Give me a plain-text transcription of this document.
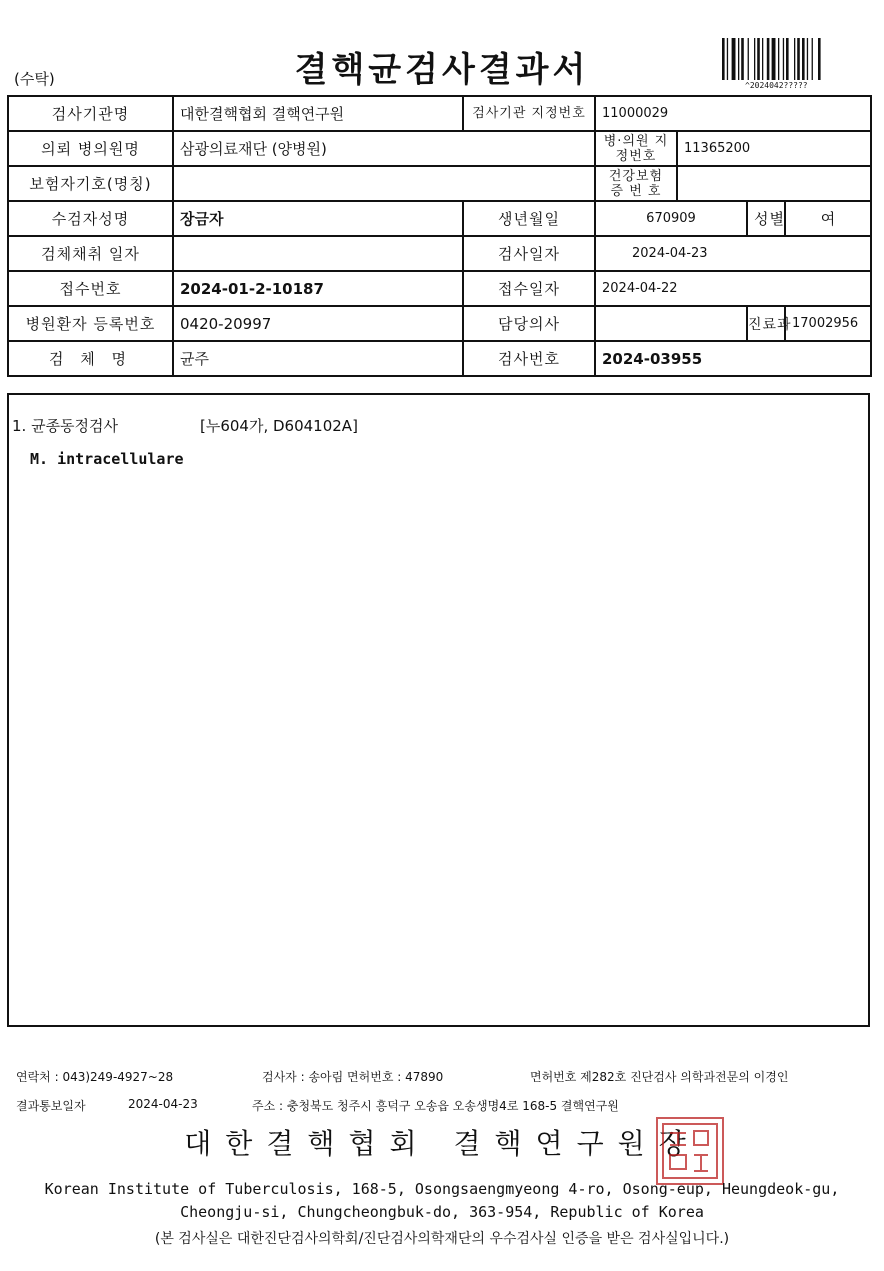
(수탁)	결핵균검사결과서	^2024042?????
검사기관명	대한결핵협회 결핵연구원	검사기관 지정번호	11000029			
의뢰 병의원명	삼광의료재단 (양병원)		병·의원 지정번호	11365200		
보험자기호(명칭)			건강보험 증 번 호			
수검자성명	장금자	생년월일	670909		성별	여
검체채취 일자		검사일자	2024-04-23			
접수번호	2024-01-2-10187	접수일자	2024-04-22			
병원환자 등록번호	0420-20997	담당의사			진료과	17002956
검 체 명	균주	검사번호	2024-03955			
1. 균종동정검사	[누604가, D604102A]
M. intracellulare
연락처 : 043)249-4927~28	검사자 : 송아림 면허번호 : 47890	면허번호 제282호 진단검사 의학과전문의 이경인
결과통보일자	2024-04-23	주소 : 충청북도 청주시 흥덕구 오송읍 오송생명4로 168-5 결핵연구원
대한결핵협회 결핵연구원장
Korean Institute of Tuberculosis, 168-5, Osongsaengmyeong 4-ro, Osong-eup, Heungdeok-gu,
Cheongju-si, Chungcheongbuk-do, 363-954, Republic of Korea
(본 검사실은 대한진단검사의학회/진단검사의학재단의 우수검사실 인증을 받은 검사실입니다.)
